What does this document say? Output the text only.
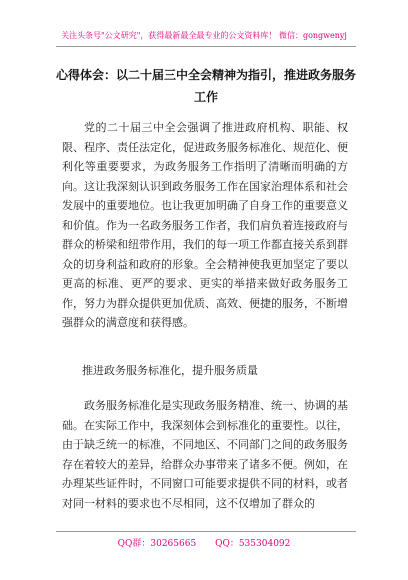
关注头条号"公文研究"，获得最新最全最专业的公文资料库！ 微信：gongwenyj
心得体会：以二十届三中全会精神为指引，推进政务服务工作
党的二十届三中全会强调了推进政府机构、职能、权限、程序、责任法定化，促进政务服务标准化、规范化、便利化等重要要求，为政务服务工作指明了清晰而明确的方向。这让我深刻认识到政务服务工作在国家治理体系和社会发展中的重要地位。也让我更加明确了自身工作的重要意义和价值。作为一名政务服务工作者，我们肩负着连接政府与群众的桥梁和纽带作用，我们的每一项工作都直接关系到群众的切身利益和政府的形象。全会精神使我更加坚定了要以更高的标准、更严的要求、更实的举措来做好政务服务工作，努力为群众提供更加优质、高效、便捷的服务，不断增强群众的满意度和获得感。
推进政务服务标准化，提升服务质量
政务服务标准化是实现政务服务精准、统一、协调的基础。在实际工作中，我深刻体会到标准化的重要性。以往，由于缺乏统一的标准，不同地区、不同部门之间的政务服务存在着较大的差异，给群众办事带来了诸多不便。例如，在办理某些证件时，不同窗口可能要求提供不同的材料，或者对同一材料的要求也不尽相同，这不仅增加了群众的
QQ群：30265665 QQ：535304092
